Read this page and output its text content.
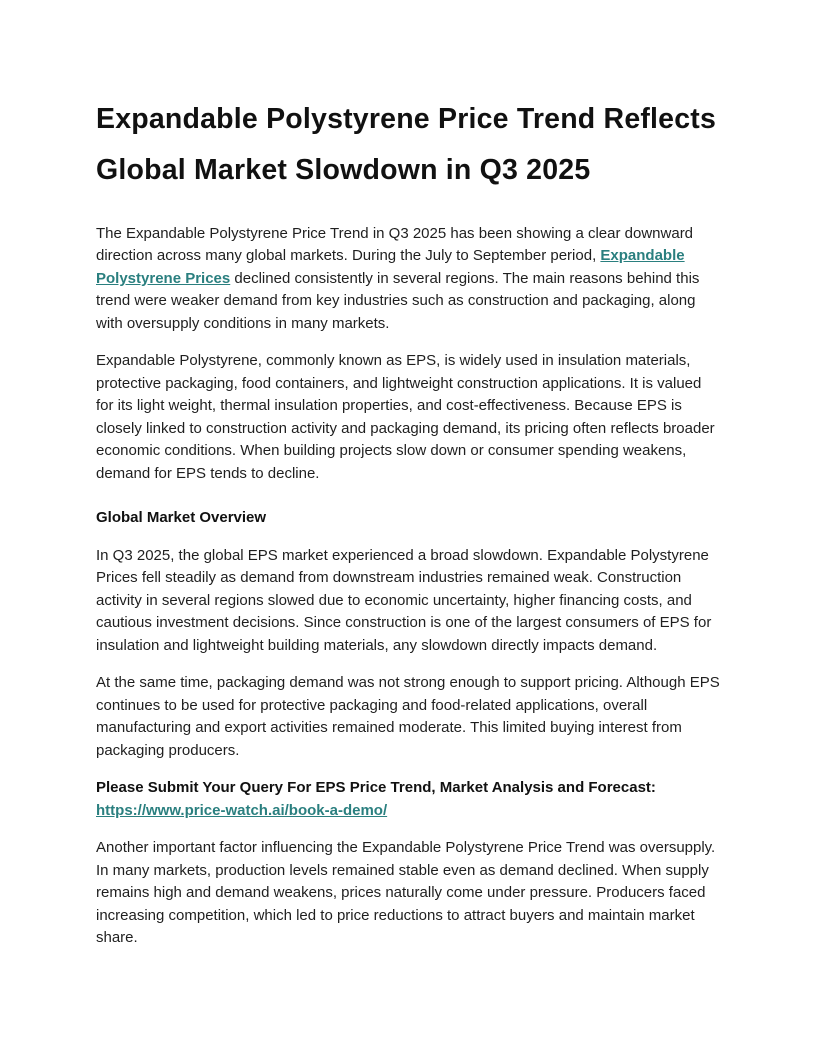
Expandable Polystyrene Price Trend Reflects Global Market Slowdown in Q3 2025

The Expandable Polystyrene Price Trend in Q3 2025 has been showing a clear downward direction across many global markets. During the July to September period, Expandable Polystyrene Prices declined consistently in several regions. The main reasons behind this trend were weaker demand from key industries such as construction and packaging, along with oversupply conditions in many markets.

Expandable Polystyrene, commonly known as EPS, is widely used in insulation materials, protective packaging, food containers, and lightweight construction applications. It is valued for its light weight, thermal insulation properties, and cost-effectiveness. Because EPS is closely linked to construction activity and packaging demand, its pricing often reflects broader economic conditions. When building projects slow down or consumer spending weakens, demand for EPS tends to decline.

Global Market Overview

In Q3 2025, the global EPS market experienced a broad slowdown. Expandable Polystyrene Prices fell steadily as demand from downstream industries remained weak. Construction activity in several regions slowed due to economic uncertainty, higher financing costs, and cautious investment decisions. Since construction is one of the largest consumers of EPS for insulation and lightweight building materials, any slowdown directly impacts demand.

At the same time, packaging demand was not strong enough to support pricing. Although EPS continues to be used for protective packaging and food-related applications, overall manufacturing and export activities remained moderate. This limited buying interest from packaging producers.

Please Submit Your Query For EPS Price Trend, Market Analysis and Forecast: https://www.price-watch.ai/book-a-demo/

Another important factor influencing the Expandable Polystyrene Price Trend was oversupply. In many markets, production levels remained stable even as demand declined. When supply remains high and demand weakens, prices naturally come under pressure. Producers faced increasing competition, which led to price reductions to attract buyers and maintain market share.
